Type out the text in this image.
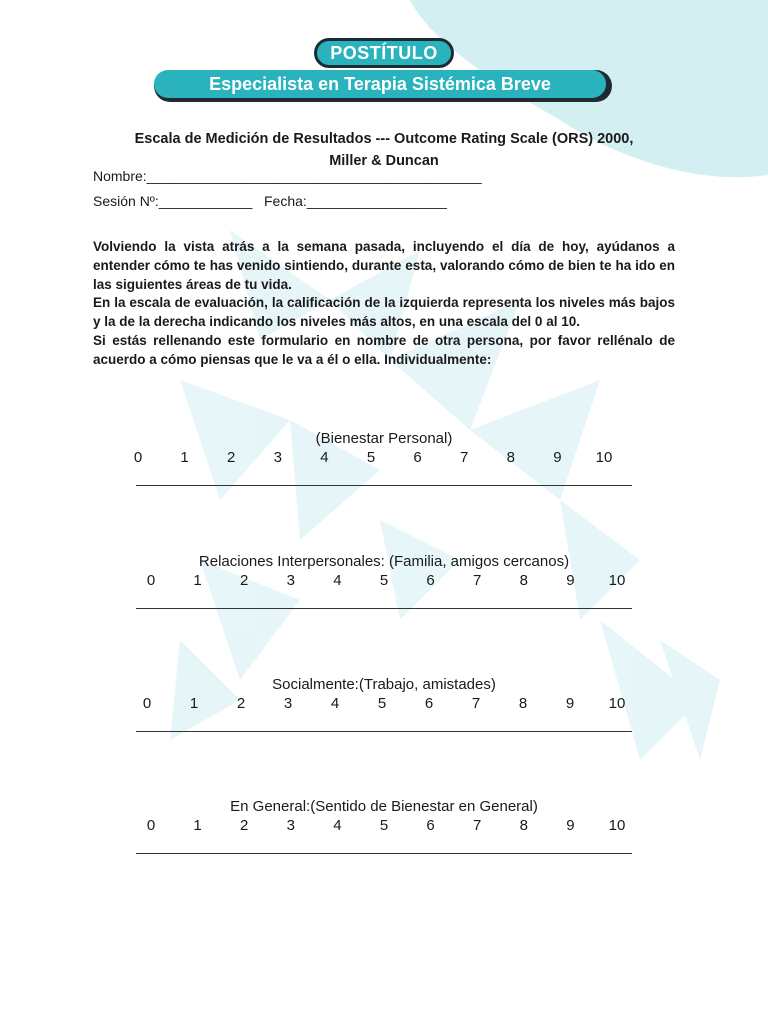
POSTÍTULO
Especialista en Terapia Sistémica Breve
Escala de Medición de Resultados --- Outcome Rating Scale (ORS) 2000,
Miller & Duncan
Nombre:___________________________________________
Sesión Nº:____________ Fecha:__________________

Volviendo la vista atrás a la semana pasada, incluyendo el día de hoy, ayúdanos a entender cómo te has venido sintiendo, durante esta, valorando cómo de bien te ha ido en las siguientes áreas de tu vida.

En la escala de evaluación, la calificación de la izquierda representa los niveles más bajos y la de la derecha indicando los niveles más altos, en una escala del 0 al 10.

Si estás rellenando este formulario en nombre de otra persona, por favor rellénalo de acuerdo a cómo piensas que le va a él o ella. Individualmente:

(Bienestar Personal)
0	1	2	3	4	5	6	7	8	9 10
Relaciones Interpersonales: (Familia, amigos cercanos)
0	1	2	3	4	5	6	7	8	9 10
Socialmente:(Trabajo, amistades)
0	1	2	3	4	5	6	7	8	9 10
En General:(Sentido de Bienestar en General)
0	1	2	3	4	5	6	7	8	9 10
